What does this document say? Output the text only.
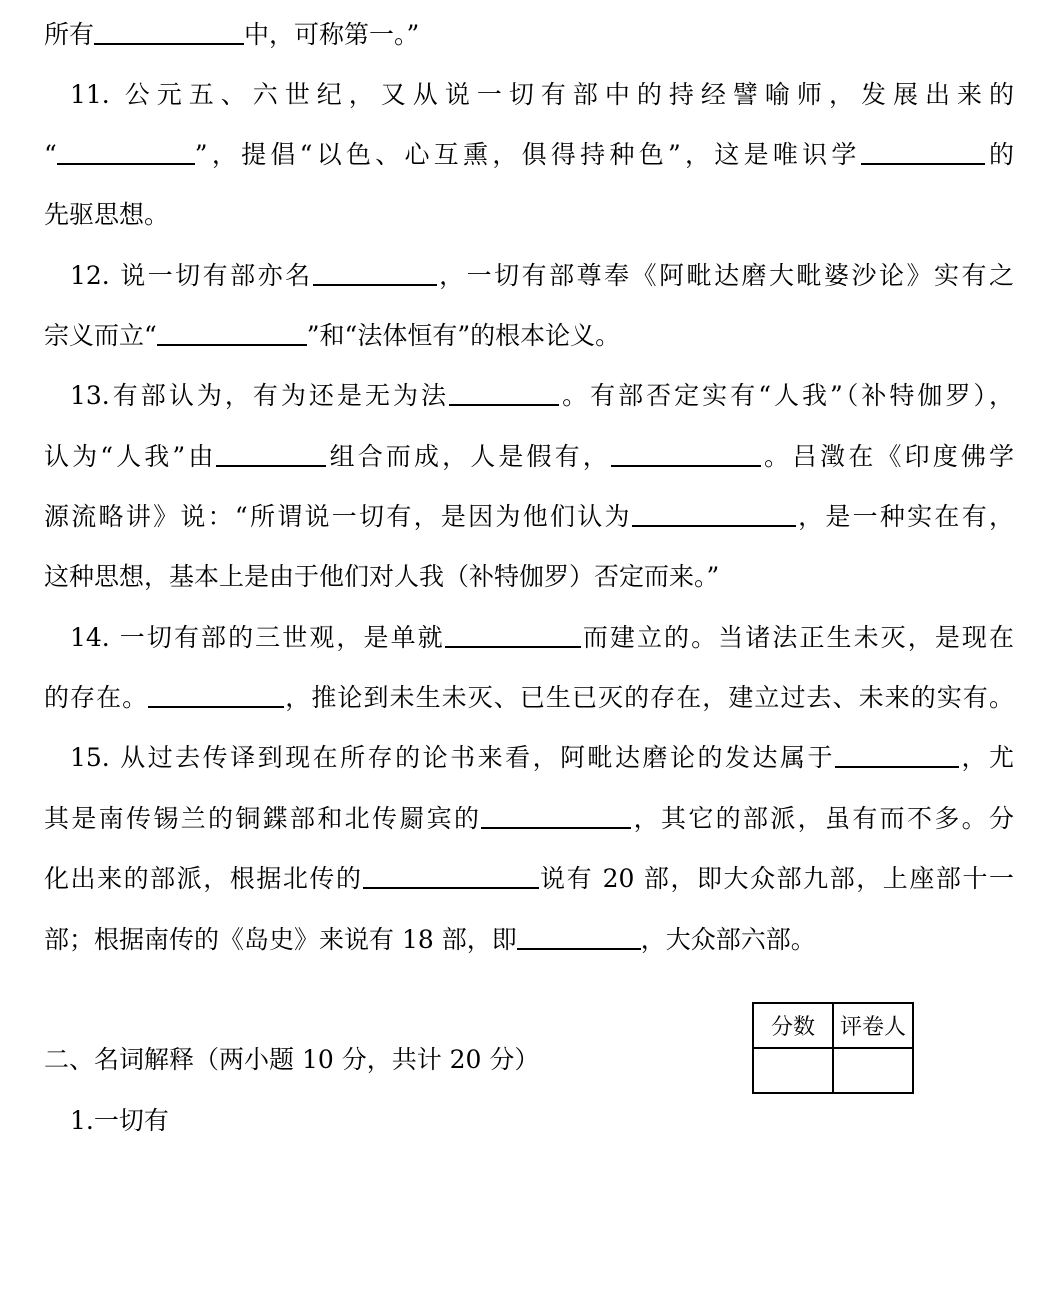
所有	中，可称第一。”
11. 公元五、六世纪，又从说一切有部中的持经譬喻师，发展出来的
“	”，提倡“以色、心互熏，俱得持种色”，这是唯识学	的
先驱思想。
12. 说一切有部亦名	，一切有部尊奉《阿毗达磨大毗婆沙论》实有之
宗义而立“	”和“法体恒有”的根本论义。
13.有部认为，有为还是无为法	。有部否定实有“人我”（补特伽罗），
认为“人我”由	组合而成，人是假有，	。吕澂在《印度佛学
源流略讲》说：“所谓说一切有，是因为他们认为	，是一种实在有，
这种思想，基本上是由于他们对人我（补特伽罗）否定而来。”
14. 一切有部的三世观，是单就	而建立的。当诸法正生未灭，是现在
的存在。	，推论到未生未灭、已生已灭的存在，建立过去、未来的实有。
15. 从过去传译到现在所存的论书来看，阿毗达磨论的发达属于	，尤
其是南传锡兰的铜鍱部和北传罽宾的	，其它的部派，虽有而不多。分
化出来的部派，根据北传的	说有 20 部，即大众部九部，上座部十一
部；根据南传的《岛史》来说有 18 部，即	，大众部六部。
分数	评卷人

二、名词解释（两小题 10 分，共计 20 分）
1.一切有
